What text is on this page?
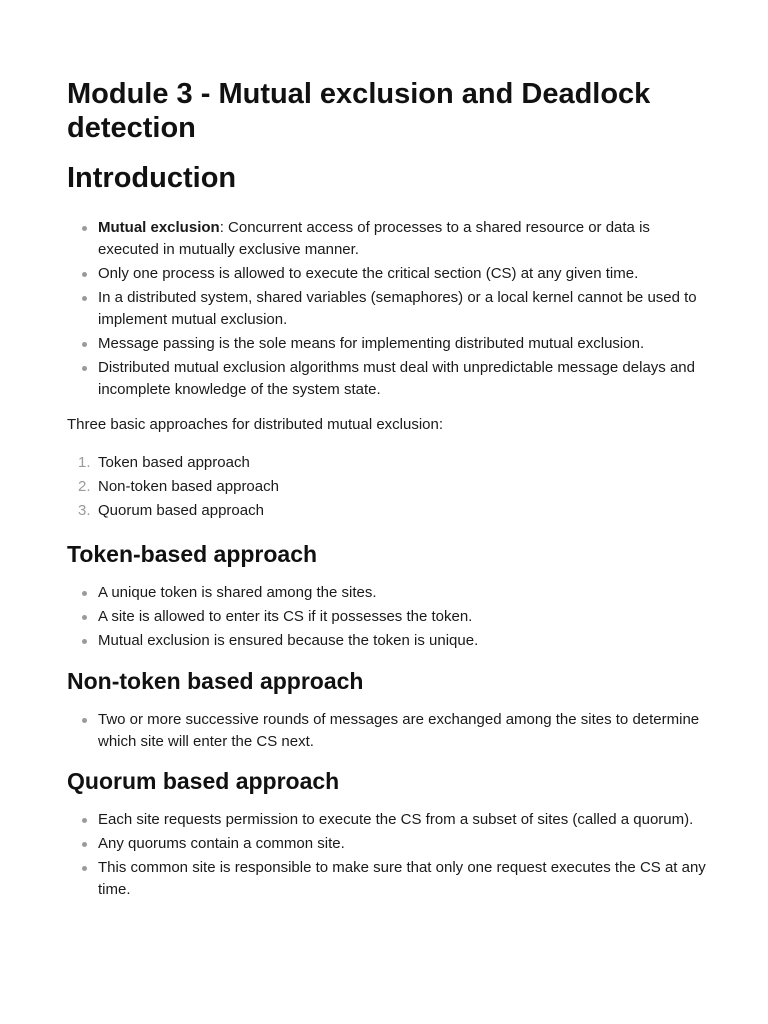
Module 3 - Mutual exclusion and Deadlock detection
Introduction
Mutual exclusion: Concurrent access of processes to a shared resource or data is executed in mutually exclusive manner.
Only one process is allowed to execute the critical section (CS) at any given time.
In a distributed system, shared variables (semaphores) or a local kernel cannot be used to implement mutual exclusion.
Message passing is the sole means for implementing distributed mutual exclusion.
Distributed mutual exclusion algorithms must deal with unpredictable message delays and incomplete knowledge of the system state.

Three basic approaches for distributed mutual exclusion:

1. Token based approach
2. Non-token based approach
3. Quorum based approach
Token-based approach
A unique token is shared among the sites.
A site is allowed to enter its CS if it possesses the token.
Mutual exclusion is ensured because the token is unique.
Non-token based approach
Two or more successive rounds of messages are exchanged among the sites to determine which site will enter the CS next.
Quorum based approach
Each site requests permission to execute the CS from a subset of sites (called a quorum).
Any quorums contain a common site.
This common site is responsible to make sure that only one request executes the CS at any time.
